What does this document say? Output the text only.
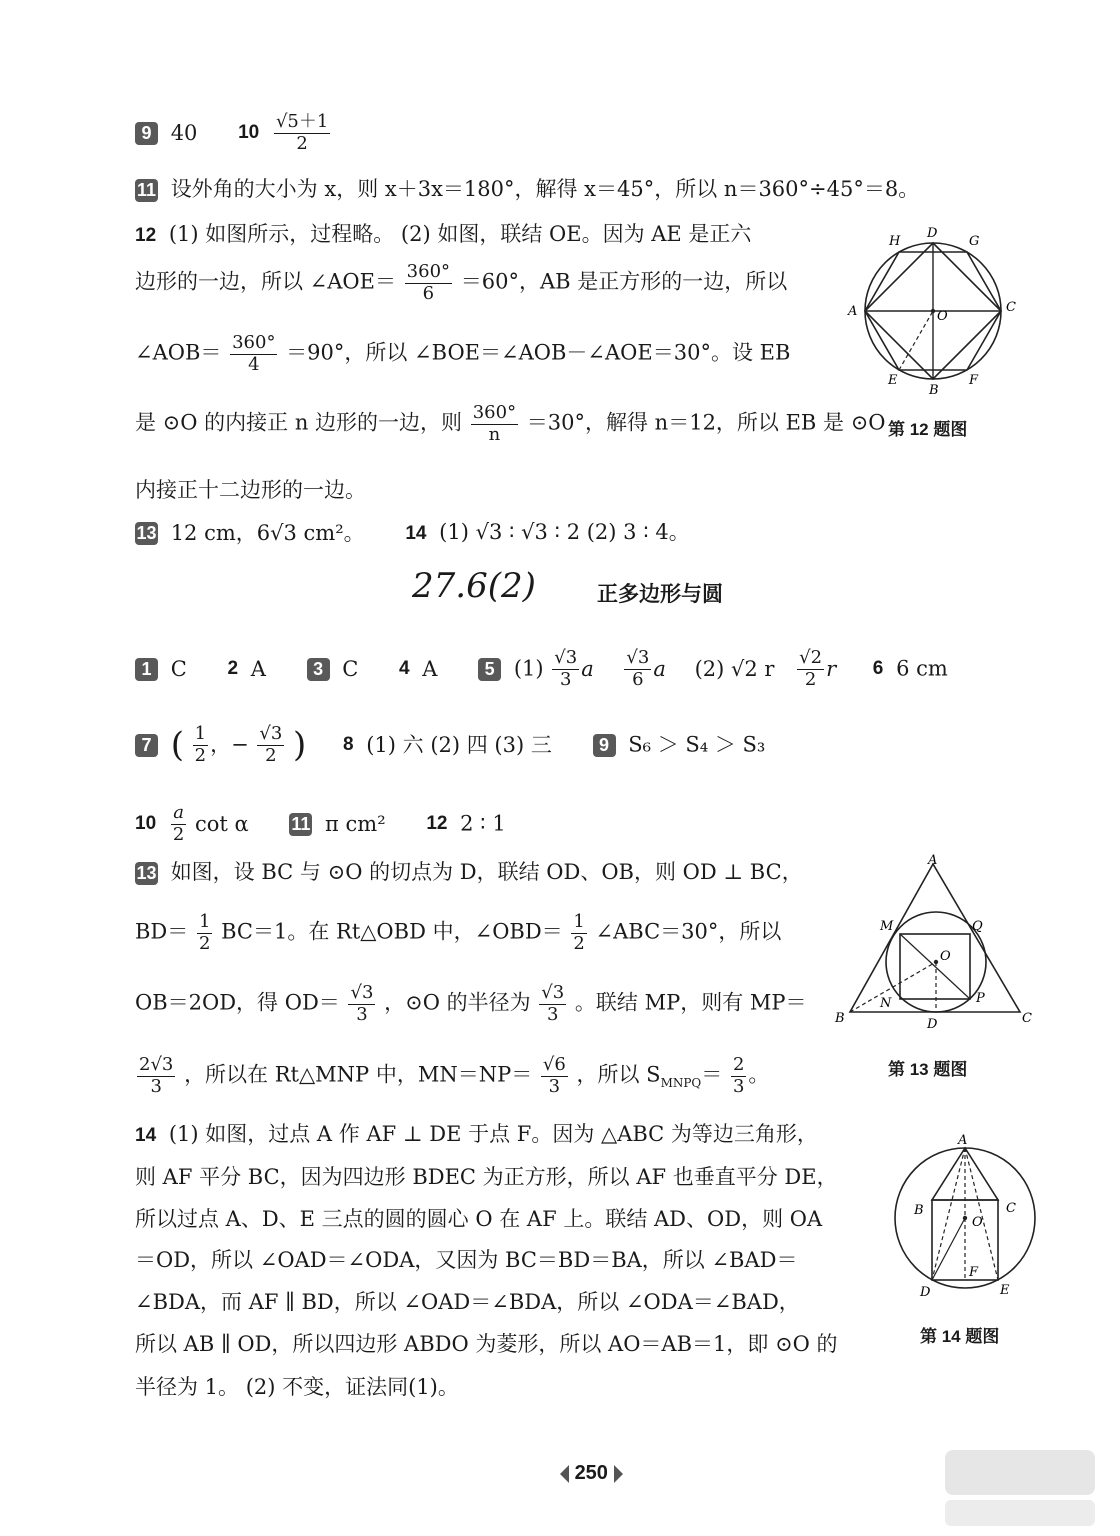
9 40 $10 \frac{√5+1}{2}$
11 设外角的大小为 x，则 x＋3x＝180°，解得 x＝45°，所以 n＝360°÷45°＝8。
12 (1) 如图所示，过程略。 (2) 如图，联结 OE。因为 AE 是正六
边形的一边，所以 ∠AOE＝ $\frac{360^\circ}{6} =60^\circ$，AB 是正方形的一边，所以
∠AOB＝ $\frac{360^\circ}{4} =90^\circ$，所以 ∠BOE＝∠AOB－∠AOE＝30°。设 EB
是 ⊙O 的内接正 n 边形的一边，则 $\frac{360^\circ}{n} =30^\circ$，解得 n＝12，所以 EB 是 ⊙O
内接正十二边形的一边。
H
D
G
A	O
C
E
B
F
第 12 题图
13 12 cm，6√3 cm²。 14 (1) √3 ∶ √3 ∶ 2 (2) 3 ∶ 4。
27.6(2)	正多边形与圆
1 C 2 A	3 C 4 A	5 $(1) \frac{√3}{3}$ a $\frac{√3}{6}$ a (2) √2 r $\frac{√2}{2}$ r 6 6 cm
7 ( $\frac{1}{2}$ ，− $\frac{√3}{2}$ ) 8 (1) 六 (2) 四 (3) 三	9 S₆ ＞ S₄ ＞ S₃
$10 \frac{a}{2}$ cot α 11 π cm² 12 2 ∶ 1
13 如图，设 BC 与 ⊙O 的切点为 D，联结 OD、OB，则 OD ⊥ BC，
$BD= \frac{1}{2} BC=1$。在 Rt△OBD 中，∠OBD＝ $\frac{1}{2}$ ∠ABC＝30°，所以
OB＝2OD，得 $OD= \frac{√3}{3}$ ，⊙O 的半径为 $\frac{√3}{3}$ 。联结 MP，则有 MP＝
$\frac{2√3}{3}$ ，所以在 Rt△MNP 中，$MN=NP= \frac{√6}{3}$ ，所以 $S_{MNPQ}= \frac{2}{3}$ 。
A
M	Q
O
N	P
B	D	C
第 13 题图
14 (1) 如图，过点 A 作 AF ⊥ DE 于点 F。因为 △ABC 为等边三角形，
则 AF 平分 BC，因为四边形 BDEC 为正方形，所以 AF 也垂直平分 DE，
所以过点 A、D、E 三点的圆的圆心 O 在 AF 上。联结 AD、OD，则 OA
＝OD，所以 ∠OAD＝∠ODA，又因为 BC＝BD＝BA，所以 ∠BAD＝
∠BDA，而 AF ∥ BD，所以 ∠OAD＝∠BDA，所以 ∠ODA＝∠BAD，
所以 AB ∥ OD，所以四边形 ABDO 为菱形，所以 AO＝AB＝1，即 ⊙O 的
半径为 1。 (2) 不变，证法同(1)。
A
B
O
C
F
D	E
第 14 题图
250
